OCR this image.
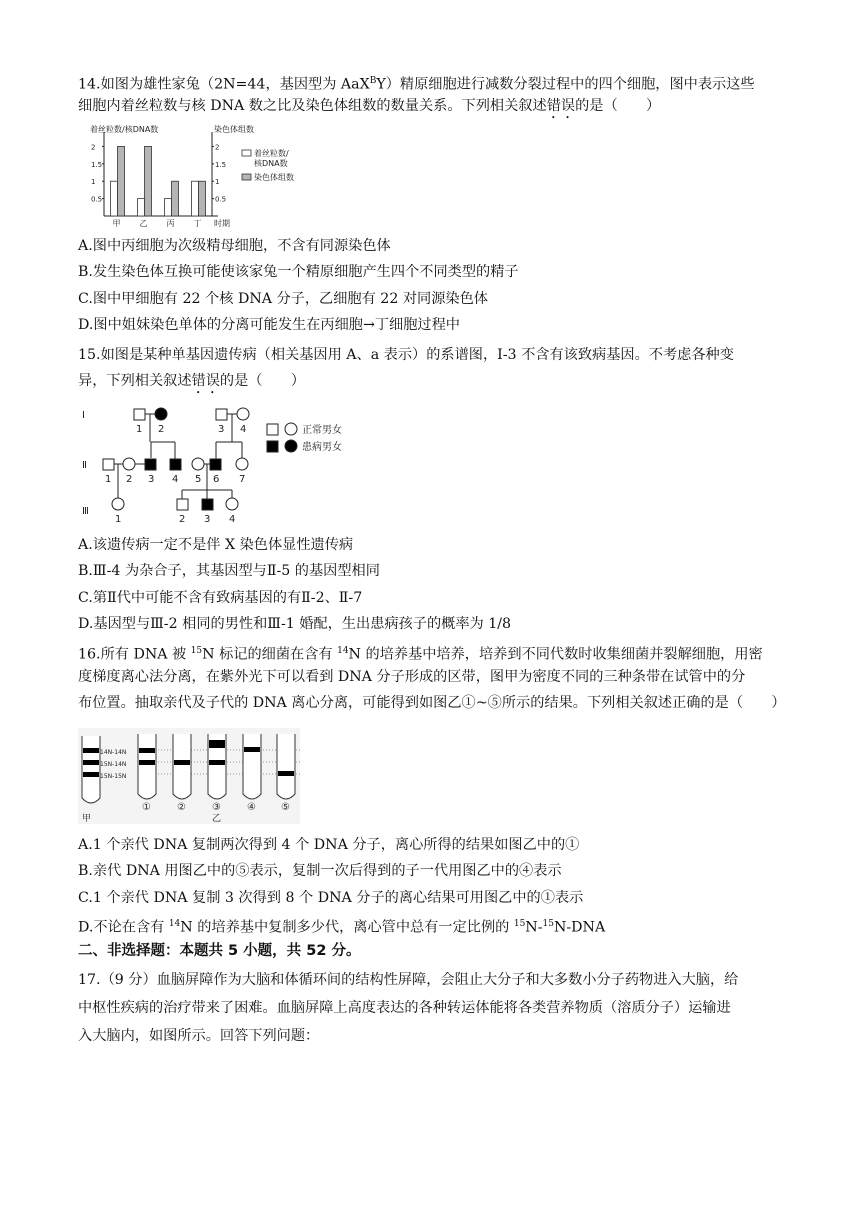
14.如图为雄性家兔（2N=44，基因型为 AaX$^B$Y）精原细胞进行减数分裂过程中的四个细胞，图中表示这些
细胞内着丝粒数与核 DNA 数之比及染色体组数的数量关系。下列相关叙述错误的是（　　）
着丝粒数/核DNA数	染色体组数
0.5	0.5
1	1
1.5	1.5
2	2
甲 乙 丙 丁 时期
着丝粒数/
核DNA数
染色体组数
A.图中丙细胞为次级精母细胞，不含有同源染色体
B.发生染色体互换可能使该家兔一个精原细胞产生四个不同类型的精子
C.图中甲细胞有 22 个核 DNA 分子，乙细胞有 22 对同源染色体
D.图中姐妹染色单体的分离可能发生在丙细胞→丁细胞过程中
15.如图是某种单基因遗传病（相关基因用 A、a 表示）的系谱图，Ⅰ-3 不含有该致病基因。不考虑各种变
异，下列相关叙述错误的是（　　）
Ⅰ
Ⅱ
Ⅲ
1 2	3 4
1 2 3 4 5 6 7
1	2 3 4
正常男女
患病男女
A.该遗传病一定不是伴 X 染色体显性遗传病
B.Ⅲ-4 为杂合子，其基因型与Ⅱ-5 的基因型相同
C.第Ⅱ代中可能不含有致病基因的有Ⅱ-2、Ⅱ-7
D.基因型与Ⅲ-2 相同的男性和Ⅲ-1 婚配，生出患病孩子的概率为 1/8
16.所有 DNA 被 $^{15}$N 标记的细菌在含有 $^{14}$N 的培养基中培养，培养到不同代数时收集细菌并裂解细胞，用密
度梯度离心法分离，在紫外光下可以看到 DNA 分子形成的区带，图甲为密度不同的三种条带在试管中的分
布位置。抽取亲代及子代的 DNA 离心分离，可能得到如图乙①~⑤所示的结果。下列相关叙述正确的是（　　）
14N-14N
15N-14N
15N-15N
①	②	③	④	⑤
甲	乙
A.1 个亲代 DNA 复制两次得到 4 个 DNA 分子，离心所得的结果如图乙中的①
B.亲代 DNA 用图乙中的⑤表示，复制一次后得到的子一代用图乙中的④表示
C.1 个亲代 DNA 复制 3 次得到 8 个 DNA 分子的离心结果可用图乙中的①表示
D.不论在含有 $^{14}$N 的培养基中复制多少代，离心管中总有一定比例的 $^{15}$N-$^{15}$N-DNA
二、非选择题：本题共 5 小题，共 52 分。
17.（9 分）血脑屏障作为大脑和体循环间的结构性屏障，会阻止大分子和大多数小分子药物进入大脑，给
中枢性疾病的治疗带来了困难。血脑屏障上高度表达的各种转运体能将各类营养物质（溶质分子）运输进
入大脑内，如图所示。回答下列问题：
